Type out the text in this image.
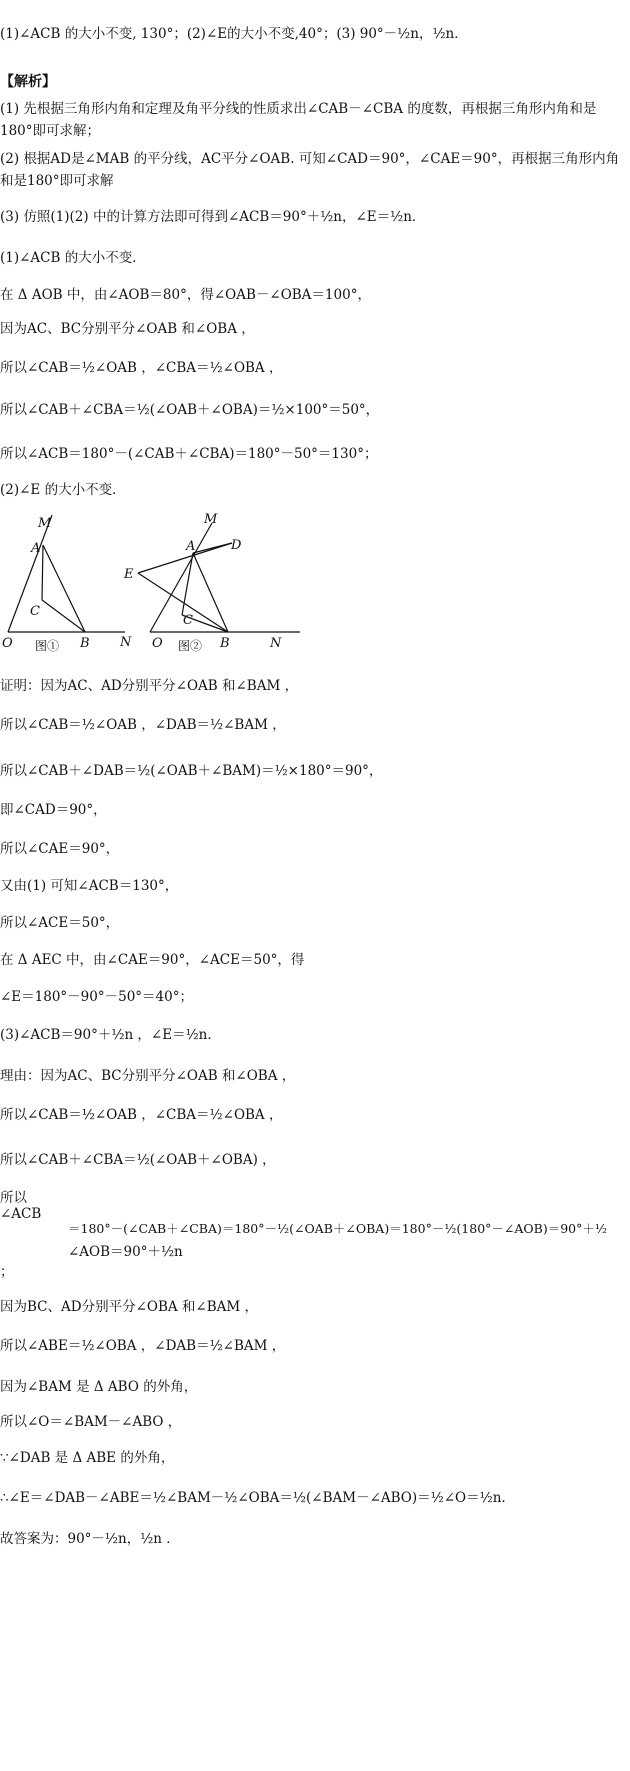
(1)∠ACB 的大小不变, 130°；(2)∠E的大小不变,40°；(3) 90°－½n，½n．
【解析】
(1) 先根据三角形内角和定理及角平分线的性质求出∠CAB－∠CBA 的度数，再根据三角形内角和是180°即可求解；
(2) 根据AD是∠MAB 的平分线，AC平分∠OAB. 可知∠CAD＝90°，∠CAE＝90°，再根据三角形内角和是180°即可求解
(3) 仿照(1)(2) 中的计算方法即可得到∠ACB＝90°＋½n，∠E＝½n．
(1)∠ACB 的大小不变．
在 Δ AOB 中，由∠AOB＝80°，得∠OAB－∠OBA＝100°，
因为AC、BC分别平分∠OAB 和∠OBA ，
所以∠CAB＝½∠OAB ，∠CBA＝½∠OBA ，
所以∠CAB＋∠CBA＝½(∠OAB＋∠OBA)＝½×100°＝50°，
所以∠ACB＝180°－(∠CAB＋∠CBA)＝180°－50°＝130°；
(2)∠E 的大小不变．
M
A
C
O	B N
图①
M
A	D
E
C
O	B	N
图②
证明：因为AC、AD分别平分∠OAB 和∠BAM ，
所以∠CAB＝½∠OAB ，∠DAB＝½∠BAM ，
所以∠CAB＋∠DAB＝½(∠OAB＋∠BAM)＝½×180°＝90°，
即∠CAD＝90°，
所以∠CAE＝90°，
又由(1) 可知∠ACB＝130°，
所以∠ACE＝50°，
在 Δ AEC 中，由∠CAE＝90°，∠ACE＝50°，得
∠E＝180°－90°－50°＝40°；
(3)∠ACB＝90°＋½n ，∠E＝½n．
理由：因为AC、BC分别平分∠OAB 和∠OBA ，
所以∠CAB＝½∠OAB ，∠CBA＝½∠OBA ，
所以∠CAB＋∠CBA＝½(∠OAB＋∠OBA) ，
所以
∠ACB
＝180°－(∠CAB＋∠CBA)＝180°－½(∠OAB＋∠OBA)＝180°－½(180°－∠AOB)＝90°＋½
∠AOB＝90°＋½n
；
因为BC、AD分别平分∠OBA 和∠BAM ，
所以∠ABE＝½∠OBA ，∠DAB＝½∠BAM ，
因为∠BAM 是 Δ ABO 的外角，
所以∠O＝∠BAM－∠ABO ，
∵∠DAB 是 Δ ABE 的外角，
∴∠E＝∠DAB－∠ABE＝½∠BAM－½∠OBA＝½(∠BAM－∠ABO)＝½∠O＝½n.
故答案为：90°－½n，½n ．
